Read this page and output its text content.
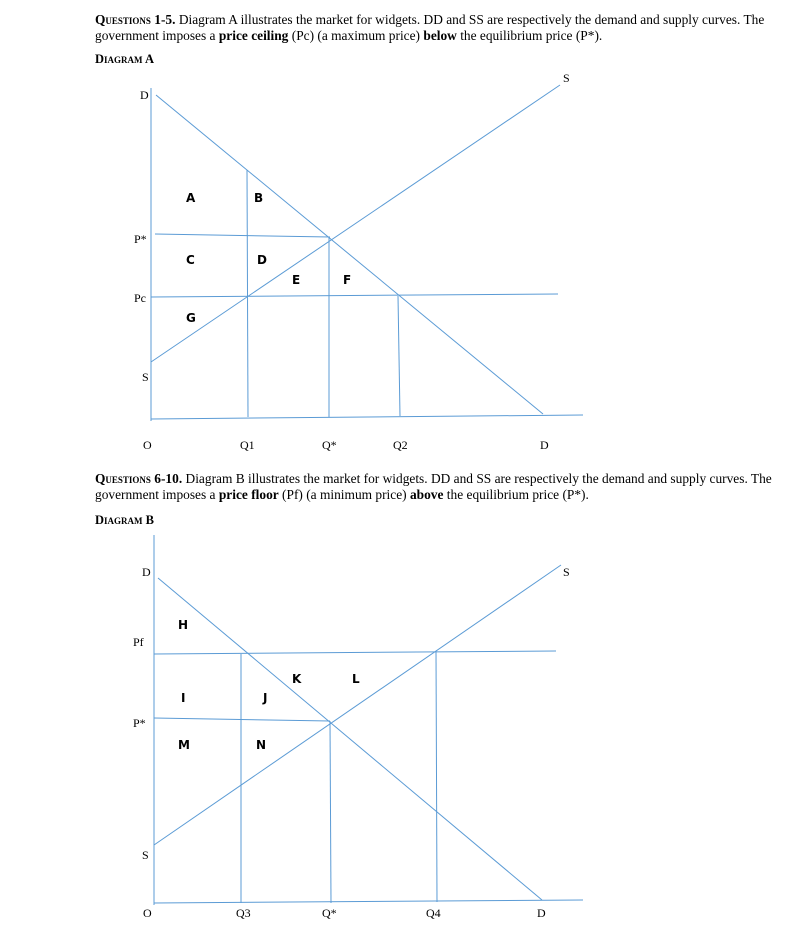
Questions 1-5. Diagram A illustrates the market for widgets. DD and SS are respectively the demand and supply curves. The government imposes a price ceiling (Pc) (a maximum price) below the equilibrium price (P*).

Diagram A

Questions 6-10. Diagram B illustrates the market for widgets. DD and SS are respectively the demand and supply curves. The government imposes a price floor (Pf) (a minimum price) above the equilibrium price (P*).

Diagram B

D
S
P*
Pc
S
O	Q1	Q*	Q2	D
A	B
C	D
E	F
G
D	S
Pf
P*
S
O	Q3	Q*	Q4	D
H
I	J
K	L
M	N
